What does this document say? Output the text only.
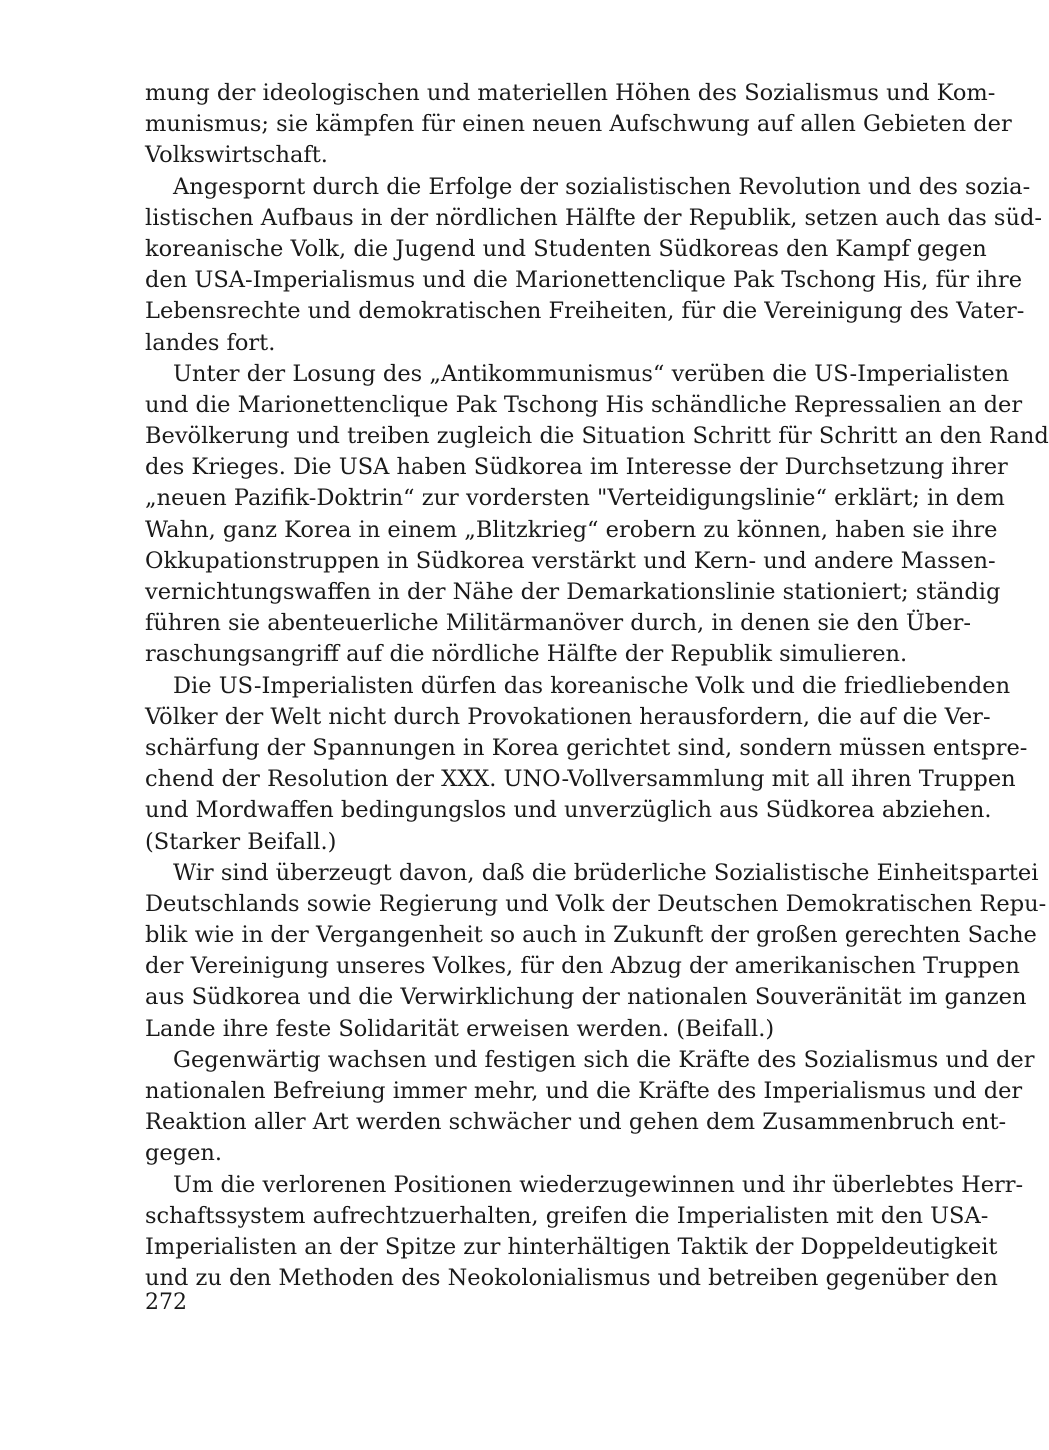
mung der ideologischen und materiellen Höhen des Sozialismus und Kom-
munismus; sie kämpfen für einen neuen Aufschwung auf allen Gebieten der
Volkswirtschaft.
Angespornt durch die Erfolge der sozialistischen Revolution und des sozia-
listischen Aufbaus in der nördlichen Hälfte der Republik, setzen auch das süd-
koreanische Volk, die Jugend und Studenten Südkoreas den Kampf gegen
den USA-Imperialismus und die Marionettenclique Pak Tschong His, für ihre
Lebensrechte und demokratischen Freiheiten, für die Vereinigung des Vater-
landes fort.
Unter der Losung des „Antikommunismus“ verüben die US-Imperialisten
und die Marionettenclique Pak Tschong His schändliche Repressalien an der
Bevölkerung und treiben zugleich die Situation Schritt für Schritt an den Rand
des Krieges. Die USA haben Südkorea im Interesse der Durchsetzung ihrer
„neuen Pazifik-Doktrin“ zur vordersten "Verteidigungslinie“ erklärt; in dem
Wahn, ganz Korea in einem „Blitzkrieg“ erobern zu können, haben sie ihre
Okkupationstruppen in Südkorea verstärkt und Kern- und andere Massen-
vernichtungswaffen in der Nähe der Demarkationslinie stationiert; ständig
führen sie abenteuerliche Militärmanöver durch, in denen sie den Über-
raschungsangriff auf die nördliche Hälfte der Republik simulieren.
Die US-Imperialisten dürfen das koreanische Volk und die friedliebenden
Völker der Welt nicht durch Provokationen herausfordern, die auf die Ver-
schärfung der Spannungen in Korea gerichtet sind, sondern müssen entspre-
chend der Resolution der XXX. UNO-Vollversammlung mit all ihren Truppen
und Mordwaffen bedingungslos und unverzüglich aus Südkorea abziehen.
(Starker Beifall.)
Wir sind überzeugt davon, daß die brüderliche Sozialistische Einheitspartei
Deutschlands sowie Regierung und Volk der Deutschen Demokratischen Repu-
blik wie in der Vergangenheit so auch in Zukunft der großen gerechten Sache
der Vereinigung unseres Volkes, für den Abzug der amerikanischen Truppen
aus Südkorea und die Verwirklichung der nationalen Souveränität im ganzen
Lande ihre feste Solidarität erweisen werden. (Beifall.)
Gegenwärtig wachsen und festigen sich die Kräfte des Sozialismus und der
nationalen Befreiung immer mehr, und die Kräfte des Imperialismus und der
Reaktion aller Art werden schwächer und gehen dem Zusammenbruch ent-
gegen.
Um die verlorenen Positionen wiederzugewinnen und ihr überlebtes Herr-
schaftssystem aufrechtzuerhalten, greifen die Imperialisten mit den USA-
Imperialisten an der Spitze zur hinterhältigen Taktik der Doppeldeutigkeit
und zu den Methoden des Neokolonialismus und betreiben gegenüber den
272
